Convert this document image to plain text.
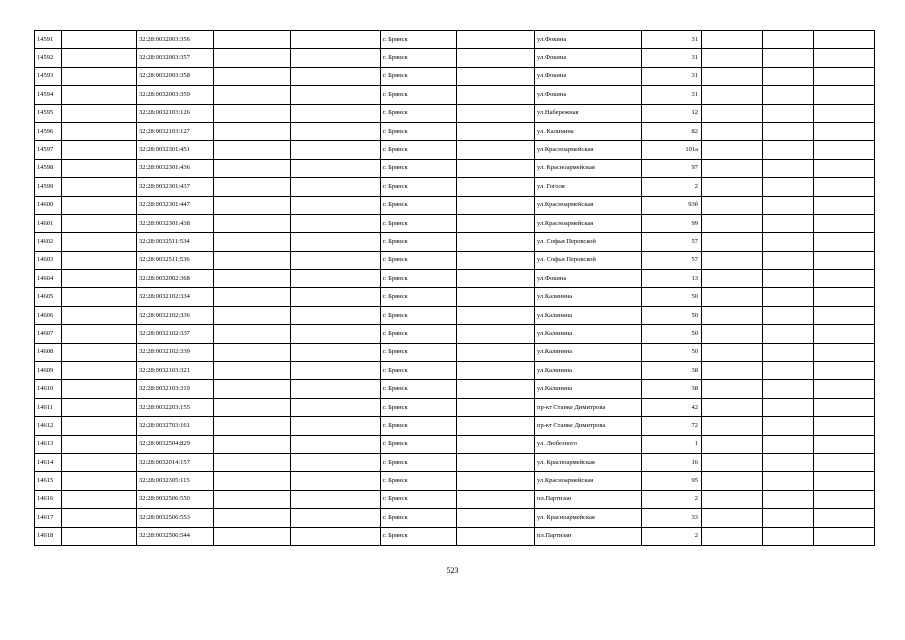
14591		32:28:0032003:356			г. Брянск		ул.Фокина	31			
14592		32:28:0032003:357			г. Брянск		ул.Фокина	31			
14593		32:28:0032003:358			г. Брянск		ул.Фокина	31			
14594		32:28:0032003:359			г. Брянск		ул.Фокина	31			
14595		32:28:0032103:126			г. Брянск		ул.Набережная	12			
14596		32:28:0032103:127			г. Брянск		ул. Калинина	82			
14597		32:28:0032301:451			г. Брянск		ул.Красноармейская	101а			
14598		32:28:0032301:436			г. Брянск		ул. Красноармейская	97			
14599		32:28:0032301:437			г. Брянск		ул. Гоголя	2			
14600		32:28:0032301:447			г. Брянск		ул.Красноармейская	93б			
14601		32:28:0032301:438			г. Брянск		ул.Красноармейская	99			
14602		32:28:0032511:534			г. Брянск		ул. Софьи Перовской	57			
14603		32:28:0032511:536			г. Брянск		ул. Софьи Перовской	57			
14604		32:28:0032002:368			г. Брянск		ул.Фокина	13			
14605		32:28:0032102:334			г. Брянск		ул.Калинина	50			
14606		32:28:0032102:336			г. Брянск		ул.Калинина	50			
14607		32:28:0032102:337			г. Брянск		ул.Калинина	50			
14608		32:28:0032102:339			г. Брянск		ул.Калинина	50			
14609		32:28:0032103:321			г. Брянск		ул.Калинина	38			
14610		32:28:0032103:319			г. Брянск		ул.Калинина	38			
14611		32:28:0032203:155			г. Брянск		пр-кт Станке Димитрова	42			
14612		32:28:0032703:161			г. Брянск		пр-кт Станке Димитрова	72			
14613		32:28:0032504:829			г. Брянск		ул. Любезного	1			
14614		32:28:0032014:157			г. Брянск		ул. Красноармейская	16			
14615		32:28:0032305:115			г. Брянск		ул.Красноармейская	95			
14616		32:28:0032506:550			г. Брянск		пл.Партизан	2			
14617		32:28:0032506:553			г. Брянск		ул. Красноармейская	33			
14618		32:28:0032506:544			г. Брянск		пл.Партизан	2			
523
